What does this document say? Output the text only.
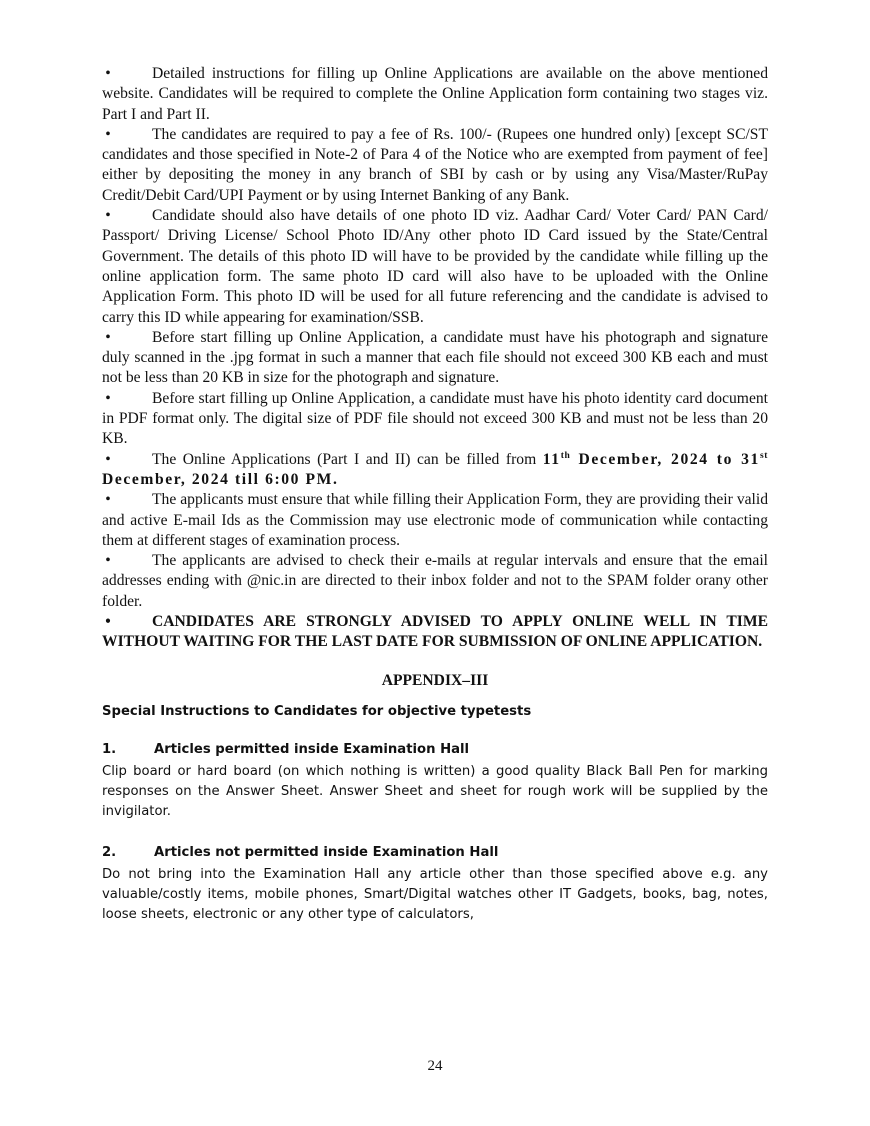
•	Detailed instructions for filling up Online Applications are available on the above mentioned website. Candidates will be required to complete the Online Application form containing two stages viz. Part I and Part II.

•	The candidates are required to pay a fee of Rs. 100/- (Rupees one hundred only) [except SC/ST candidates and those specified in Note-2 of Para 4 of the Notice who are exempted from payment of fee] either by depositing the money in any branch of SBI by cash or by using any Visa/Master/RuPay Credit/Debit Card/UPI Payment or by using Internet Banking of any Bank.

•	Candidate should also have details of one photo ID viz. Aadhar Card/ Voter Card/ PAN Card/ Passport/ Driving License/ School Photo ID/Any other photo ID Card issued by the State/Central Government. The details of this photo ID will have to be provided by the candidate while filling up the online application form. The same photo ID card will also have to be uploaded with the Online Application Form. This photo ID will be used for all future referencing and the candidate is advised to carry this ID while appearing for examination/SSB.

•	Before start filling up Online Application, a candidate must have his photograph and signature duly scanned in the .jpg format in such a manner that each file should not exceed 300 KB each and must not be less than 20 KB in size for the photograph and signature.

•	Before start filling up Online Application, a candidate must have his photo identity card document in PDF format only. The digital size of PDF file should not exceed 300 KB and must not be less than 20 KB.

•	The Online Applications (Part I and II) can be filled from 11th December, 2024 to 31st December, 2024 till 6:00 PM.

•	The applicants must ensure that while filling their Application Form, they are providing their valid and active E-mail Ids as the Commission may use electronic mode of communication while contacting them at different stages of examination process.

•	The applicants are advised to check their e-mails at regular intervals and ensure that the email addresses ending with @nic.in are directed to their inbox folder and not to the SPAM folder orany other folder.

•	CANDIDATES ARE STRONGLY ADVISED TO APPLY ONLINE WELL IN TIME WITHOUT WAITING FOR THE LAST DATE FOR SUBMISSION OF ONLINE APPLICATION.

APPENDIX–III
Special Instructions to Candidates for objective typetests
1.	Articles permitted inside Examination Hall
Clip board or hard board (on which nothing is written) a good quality Black Ball Pen for marking responses on the Answer Sheet. Answer Sheet and sheet for rough work will be supplied by the invigilator.
2.	Articles not permitted inside Examination Hall
Do not bring into the Examination Hall any article other than those specified above e.g. any valuable/costly items, mobile phones, Smart/Digital watches other IT Gadgets, books, bag, notes, loose sheets, electronic or any other type of calculators,
24
